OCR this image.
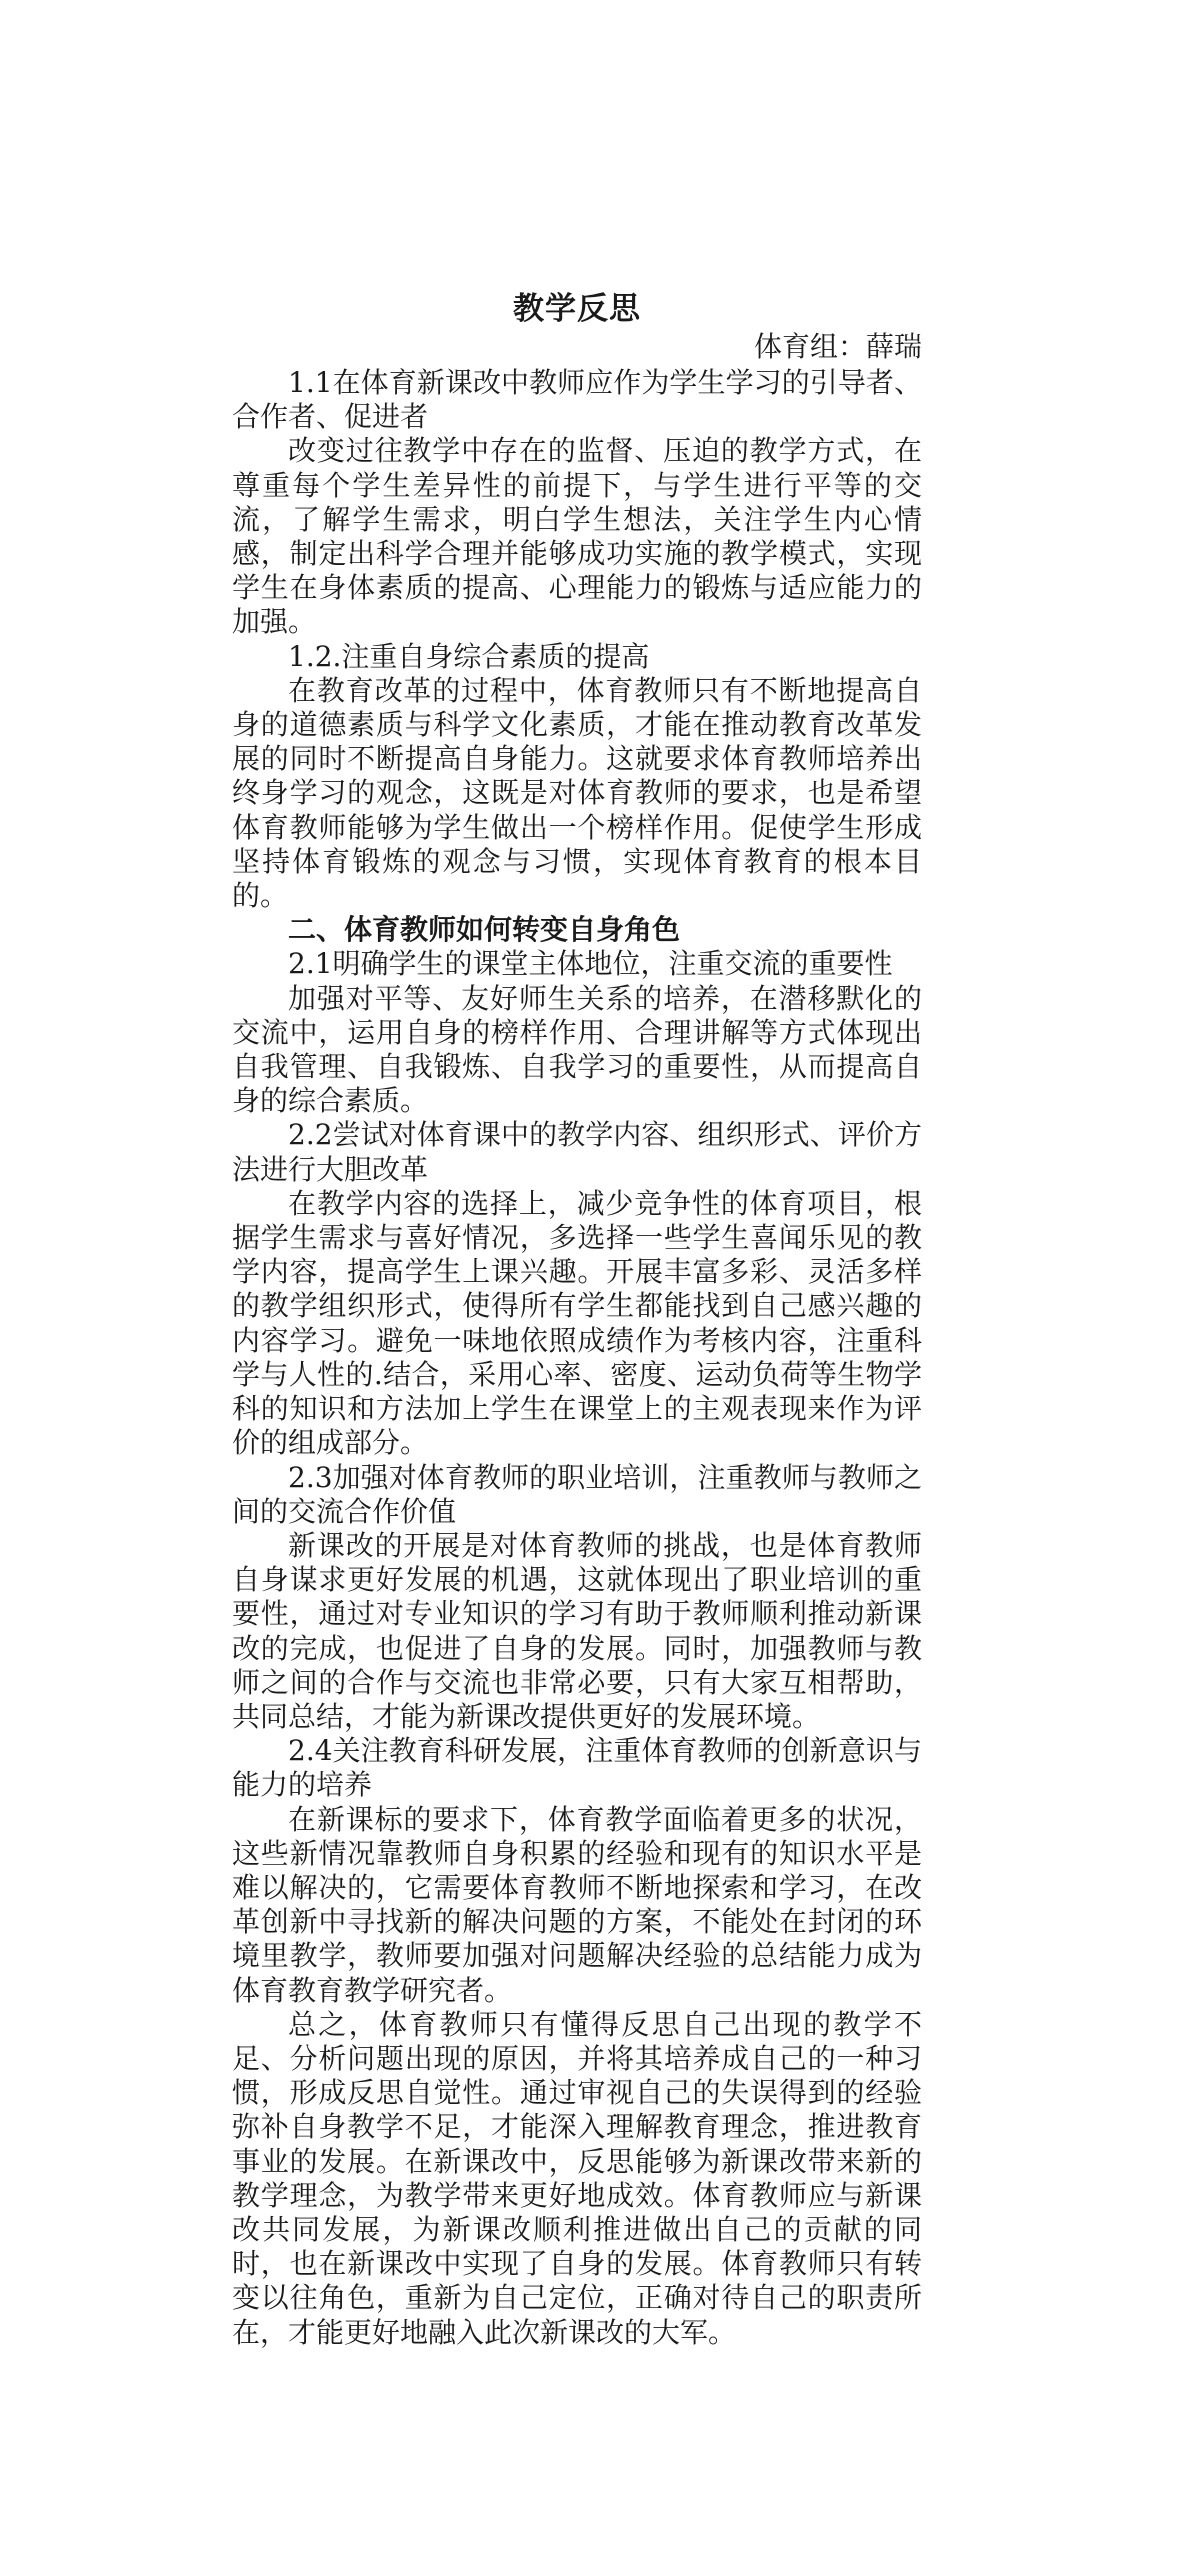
教学反思

体育组：薛瑞

1.1在体育新课改中教师应作为学生学习的引导者、合作者、促进者

改变过往教学中存在的监督、压迫的教学方式，在尊重每个学生差异性的前提下，与学生进行平等的交流，了解学生需求，明白学生想法，关注学生内心情感，制定出科学合理并能够成功实施的教学模式，实现学生在身体素质的提高、心理能力的锻炼与适应能力的加强。

1.2.注重自身综合素质的提高

在教育改革的过程中，体育教师只有不断地提高自身的道德素质与科学文化素质，才能在推动教育改革发展的同时不断提高自身能力。这就要求体育教师培养出终身学习的观念，这既是对体育教师的要求，也是希望体育教师能够为学生做出一个榜样作用。促使学生形成坚持体育锻炼的观念与习惯，实现体育教育的根本目的。

二、体育教师如何转变自身角色

2.1明确学生的课堂主体地位，注重交流的重要性

加强对平等、友好师生关系的培养，在潜移默化的交流中，运用自身的榜样作用、合理讲解等方式体现出自我管理、自我锻炼、自我学习的重要性，从而提高自身的综合素质。

2.2尝试对体育课中的教学内容、组织形式、评价方法进行大胆改革

在教学内容的选择上，减少竞争性的体育项目，根据学生需求与喜好情况，多选择一些学生喜闻乐见的教学内容，提高学生上课兴趣。开展丰富多彩、灵活多样的教学组织形式，使得所有学生都能找到自己感兴趣的内容学习。避免一味地依照成绩作为考核内容，注重科学与人性的.结合，采用心率、密度、运动负荷等生物学科的知识和方法加上学生在课堂上的主观表现来作为评价的组成部分。

2.3加强对体育教师的职业培训，注重教师与教师之间的交流合作价值

新课改的开展是对体育教师的挑战，也是体育教师自身谋求更好发展的机遇，这就体现出了职业培训的重要性，通过对专业知识的学习有助于教师顺利推动新课改的完成，也促进了自身的发展。同时，加强教师与教师之间的合作与交流也非常必要，只有大家互相帮助，共同总结，才能为新课改提供更好的发展环境。

2.4关注教育科研发展，注重体育教师的创新意识与能力的培养

在新课标的要求下，体育教学面临着更多的状况，这些新情况靠教师自身积累的经验和现有的知识水平是难以解决的，它需要体育教师不断地探索和学习，在改革创新中寻找新的解决问题的方案，不能处在封闭的环境里教学，教师要加强对问题解决经验的总结能力成为体育教育教学研究者。

总之，体育教师只有懂得反思自己出现的教学不足、分析问题出现的原因，并将其培养成自己的一种习惯，形成反思自觉性。通过审视自己的失误得到的经验弥补自身教学不足，才能深入理解教育理念，推进教育事业的发展。在新课改中，反思能够为新课改带来新的教学理念，为教学带来更好地成效。体育教师应与新课改共同发展，为新课改顺利推进做出自己的贡献的同时，也在新课改中实现了自身的发展。体育教师只有转变以往角色，重新为自己定位，正确对待自己的职责所在，才能更好地融入此次新课改的大军。
